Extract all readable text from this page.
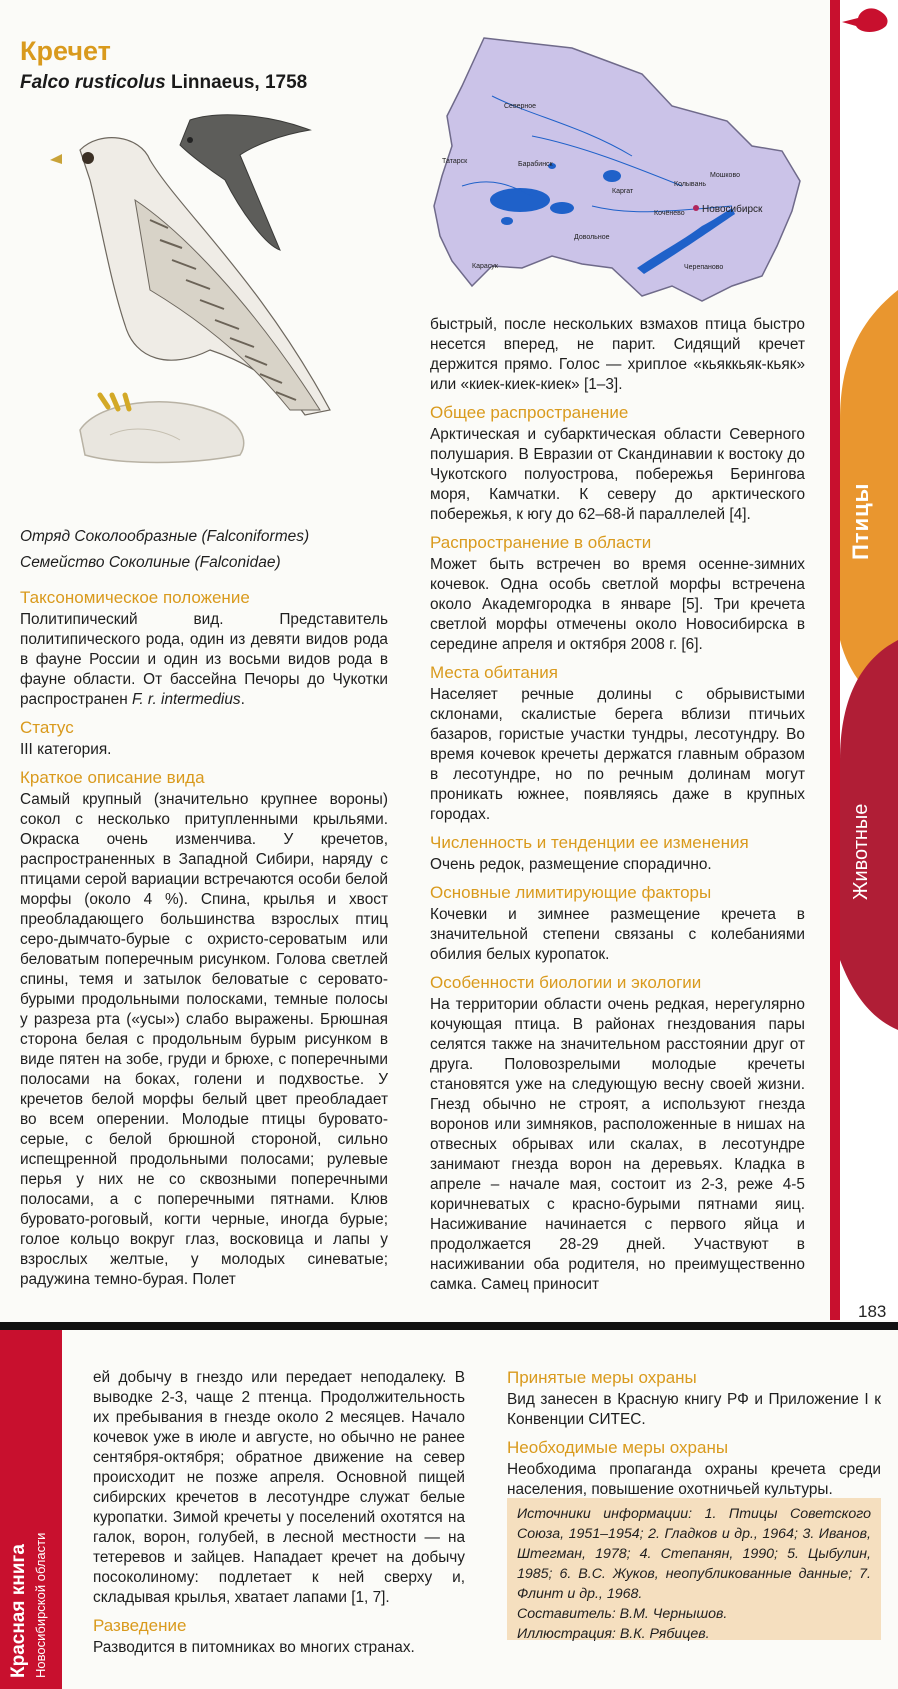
Кречет
Falco rusticolus Linnaeus, 1758
Северное
Татарск	Барабинск
Каргат
Колывань
Мошково
Кочёнево Новосибирск
Довольное
Карасук	Черепаново
Отряд Соколообразные (Falconiformes)
Семейство Соколиные (Falconidae)
Таксономическое положение

Политипический вид. Представитель политипического рода, один из девяти видов рода в фауне России и один из восьми видов рода в фауне области. От бассейна Печоры до Чукотки распространен F. r. intermedius.

Статус

III категория.

Краткое описание вида

Самый крупный (значительно крупнее вороны) сокол с несколько притупленными крыльями. Окраска очень изменчива. У кречетов, распространенных в Западной Сибири, наряду с птицами серой вариации встречаются особи белой морфы (около 4 %). Спина, крылья и хвост преобладающего большинства взрослых птиц серо-дымчато-бурые с охристо-сероватым или беловатым поперечным рисунком. Голова светлей спины, темя и затылок беловатые с серовато-бурыми продольными полосками, темные полосы у разреза рта («усы») слабо выражены. Брюшная сторона белая с продольным бурым рисунком в виде пятен на зобе, груди и брюхе, с поперечными полосами на боках, голени и подхвостье. У кречетов белой морфы белый цвет преобладает во всем оперении. Молодые птицы буровато-серые, с белой брюшной стороной, сильно испещренной продольными полосами; рулевые перья у них не со сквозными поперечными полосами, а с поперечными пятнами. Клюв буровато-роговый, когти черные, иногда бурые; голое кольцо вокруг глаз, восковица и лапы у взрослых желтые, у молодых синеватые; радужина темно-бурая. Полет

быстрый, после нескольких взмахов птица быстро несется вперед, не парит. Сидящий кречет держится прямо. Голос — хриплое «кьяккьяк-кьяк» или «киек-киек-киек» [1–3].

Общее распространение

Арктическая и субарктическая области Северного полушария. В Евразии от Скандинавии к востоку до Чукотского полуострова, побережья Берингова моря, Камчатки. К северу до арктического побережья, к югу до 62–68-й параллелей [4].

Распространение в области

Может быть встречен во время осенне-зимних кочевок. Одна особь светлой морфы встречена около Академгородка в январе [5]. Три кречета светлой морфы отмечены около Новосибирска в середине апреля и октября 2008 г. [6].

Места обитания

Населяет речные долины с обрывистыми склонами, скалистые берега вблизи птичьих базаров, гористые участки тундры, лесотундру. Во время кочевок кречеты держатся главным образом в лесотундре, но по речным долинам могут проникать южнее, появляясь даже в крупных городах.

Численность и тенденции ее изменения

Очень редок, размещение спорадично.

Основные лимитирующие факторы

Кочевки и зимнее размещение кречета в значительной степени связаны с колебаниями обилия белых куропаток.

Особенности биологии и экологии

На территории области очень редкая, нерегулярно кочующая птица. В районах гнездования пары селятся также на значительном расстоянии друг от друга. Половозрелыми молодые кречеты становятся уже на следующую весну своей жизни. Гнезд обычно не строят, а используют гнезда воронов или зимняков, расположенные в нишах на отвесных обрывах или скалах, в лесотундре занимают гнезда ворон на деревьях. Кладка в апреле – начале мая, состоит из 2-3, реже 4-5 коричневатых с красно-бурыми пятнами яиц. Насиживание начинается с первого яйца и продолжается 28-29 дней. Участвуют в насиживании оба родителя, но преимущественно самка. Самец приносит

Птицы
Животные
183
Красная книга Новосибирской области

ей добычу в гнездо или передает неподалеку. В выводке 2-3, чаще 2 птенца. Продолжительность их пребывания в гнезде около 2 месяцев. Начало кочевок уже в июле и августе, но обычно не ранее сентября-октября; обратное движение на север происходит не позже апреля. Основной пищей сибирских кречетов в лесотундре служат белые куропатки. Зимой кречеты у поселений охотятся на галок, ворон, голубей, в лесной местности — на тетеревов и зайцев. Нападает кречет на добычу посоколиному: подлетает к ней сверху и, складывая крылья, хватает лапами [1, 7].

Разведение

Разводится в питомниках во многих странах.

Принятые меры охраны

Вид занесен в Красную книгу РФ и Приложение I к Конвенции СИТЕС.

Необходимые меры охраны

Необходима пропаганда охраны кречета среди населения, повышение охотничьей культуры.

Источники информации: 1. Птицы Советского Союза, 1951–1954; 2. Гладков и др., 1964; 3. Иванов, Штегман, 1978; 4. Степанян, 1990; 5. Цыбулин, 1985; 6. В.С. Жуков, неопубликованные данные; 7. Флинт и др., 1968.

Составитель: В.М. Чернышов.

Иллюстрация: В.К. Рябицев.
